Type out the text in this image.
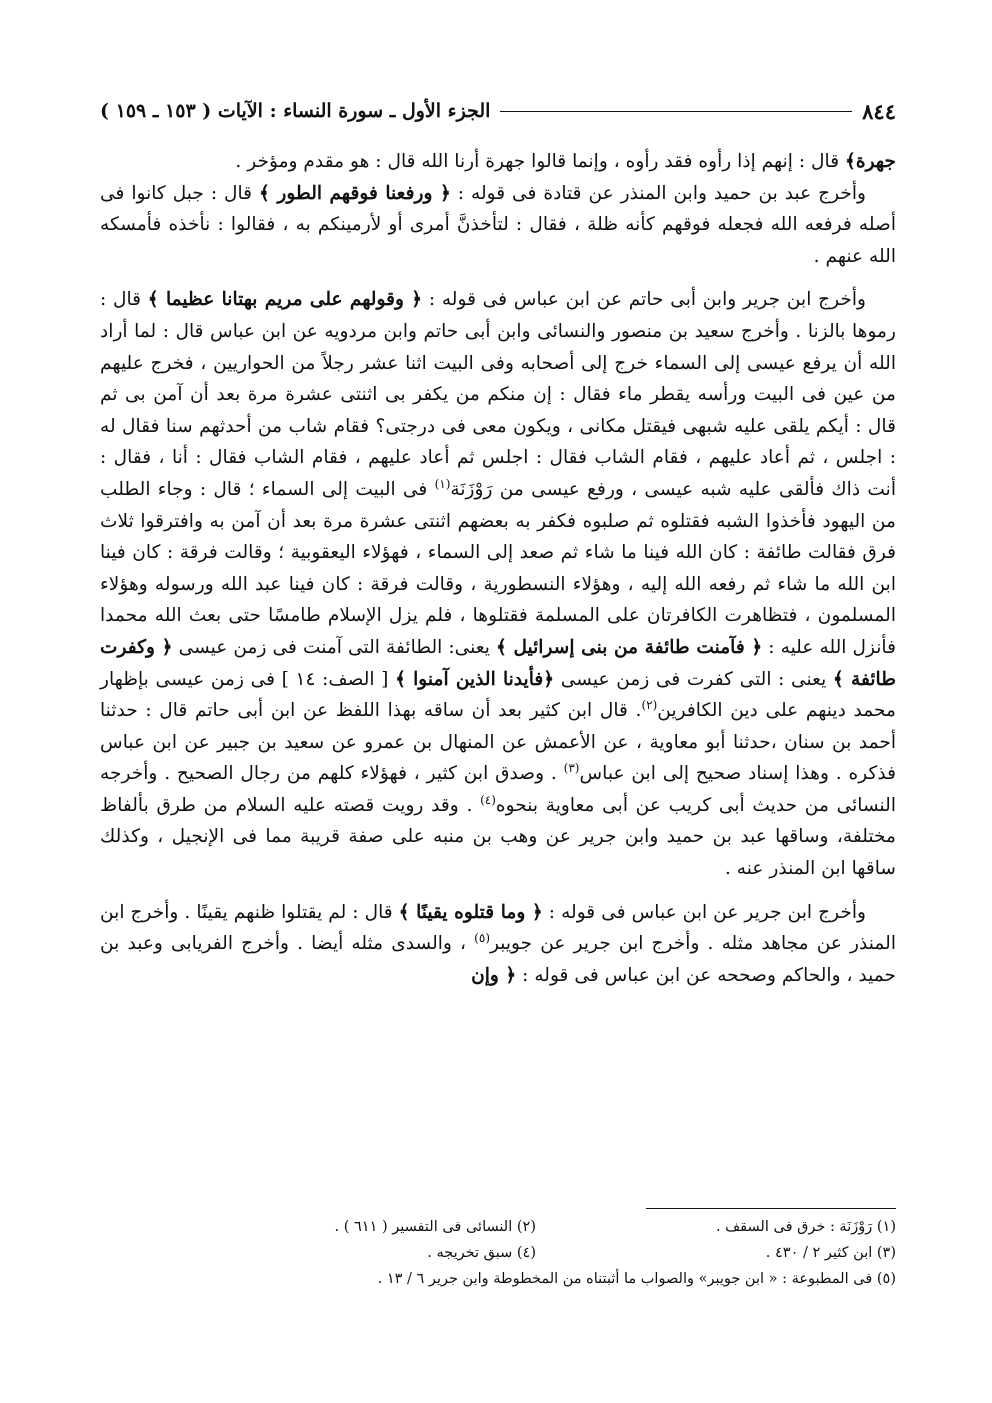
٨٤٤
الجزء الأول ـ سورة النساء : الآيات ( ١٥٣ ـ ١٥٩ )

جهرة﴾ قال : إنهم إذا رأوه فقد رأوه ، وإنما قالوا جهرة أرنا الله قال : هو مقدم ومؤخر .

وأخرج عبد بن حميد وابن المنذر عن قتادة فى قوله : ﴿ ورفعنا فوقهم الطور ﴾ قال : جبل كانوا فى أصله فرفعه الله فجعله فوقهم كأنه ظلة ، فقال : لتأخذنَّ أمرى أو لأرمينكم به ، فقالوا : نأخذه فأمسكه الله عنهم .

وأخرج ابن جرير وابن أبى حاتم عن ابن عباس فى قوله : ﴿ وقولهم على مريم بهتانا عظيما ﴾ قال : رموها بالزنا . وأخرج سعيد بن منصور والنسائى وابن أبى حاتم وابن مردويه عن ابن عباس قال : لما أراد الله أن يرفع عيسى إلى السماء خرج إلى أصحابه وفى البيت اثنا عشر رجلاً من الحواريين ، فخرج عليهم من عين فى البيت ورأسه يقطر ماء فقال : إن منكم من يكفر بى اثنتى عشرة مرة بعد أن آمن بى ثم قال : أيكم يلقى عليه شبهى فيقتل مكانى ، ويكون معى فى درجتى؟ فقام شاب من أحدثهم سنا فقال له : اجلس ، ثم أعاد عليهم ، فقام الشاب فقال : اجلس ثم أعاد عليهم ، فقام الشاب فقال : أنا ، فقال : أنت ذاك فألقى عليه شبه عيسى ، ورفع عيسى من رَوْزَنَة$^{(١)}$ فى البيت إلى السماء ؛ قال : وجاء الطلب من اليهود فأخذوا الشبه فقتلوه ثم صلبوه فكفر به بعضهم اثنتى عشرة مرة بعد أن آمن به وافترقوا ثلاث فرق فقالت طائفة : كان الله فينا ما شاء ثم صعد إلى السماء ، فهؤلاء اليعقوبية ؛ وقالت فرقة : كان فينا ابن الله ما شاء ثم رفعه الله إليه ، وهؤلاء النسطورية ، وقالت فرقة : كان فينا عبد الله ورسوله وهؤلاء المسلمون ، فتظاهرت الكافرتان على المسلمة فقتلوها ، فلم يزل الإسلام طامسًا حتى بعث الله محمدا فأنزل الله عليه : ﴿ فآمنت طائفة من بنى إسرائيل ﴾ يعنى: الطائفة التى آمنت فى زمن عيسى ﴿ وكفرت طائفة ﴾ يعنى : التى كفرت فى زمن عيسى ﴿فأيدنا الذين آمنوا ﴾ [ الصف: ١٤ ] فى زمن عيسى بإظهار محمد دينهم على دين الكافرين$^{(٢)}$. قال ابن كثير بعد أن ساقه بهذا اللفظ عن ابن أبى حاتم قال : حدثنا أحمد بن سنان ،حدثنا أبو معاوية ، عن الأعمش عن المنهال بن عمرو عن سعيد بن جبير عن ابن عباس فذكره . وهذا إسناد صحيح إلى ابن عباس$^{(٣)}$ . وصدق ابن كثير ، فهؤلاء كلهم من رجال الصحيح . وأخرجه النسائى من حديث أبى كريب عن أبى معاوية بنحوه$^{(٤)}$ . وقد رويت قصته عليه السلام من طرق بألفاظ مختلفة، وساقها عبد بن حميد وابن جرير عن وهب بن منبه على صفة قريبة مما فى الإنجيل ، وكذلك ساقها ابن المنذر عنه .

وأخرج ابن جرير عن ابن عباس فى قوله : ﴿ وما قتلوه يقينًا ﴾ قال : لم يقتلوا ظنهم يقينًا . وأخرج ابن المنذر عن مجاهد مثله . وأخرج ابن جرير عن جويبر$^{(٥)}$ ، والسدى مثله أيضا . وأخرج الفريابى وعبد بن حميد ، والحاكم وصححه عن ابن عباس فى قوله : ﴿ وإن

(١) رَوْزَنَة : خرق فى السقف .
(٢) النسائى فى التفسير ( ٦١١ ) .
(٣) ابن كثير ٢ / ٤٣٠ .
(٤) سبق تخريجه .
(٥) فى المطبوعة : « ابن جويبر» والصواب ما أثبتناه من المخطوطة وابن جرير ٦ / ١٣ .
